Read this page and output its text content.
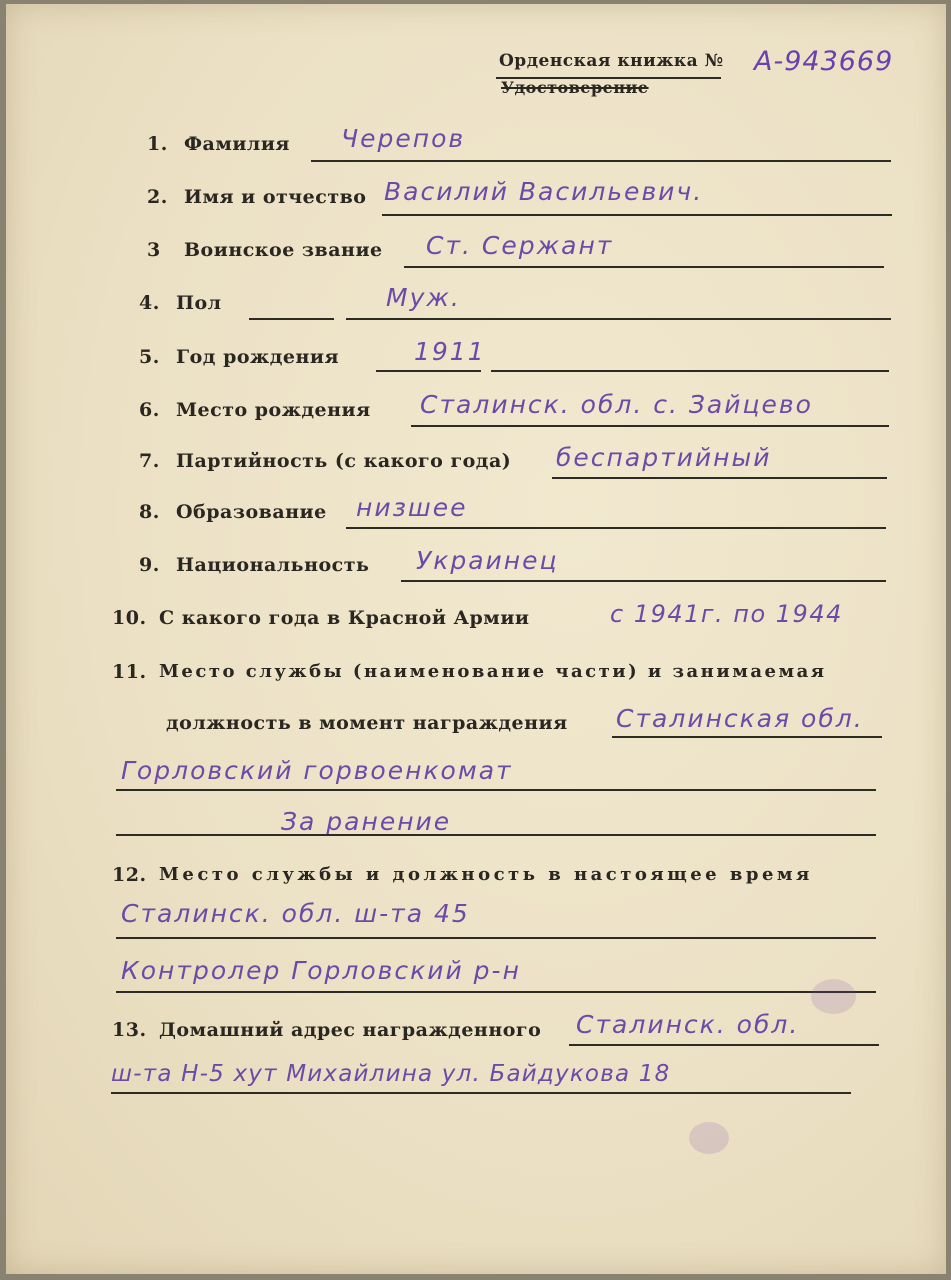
Орденская книжка № А-943669
Удостоверение
1. Фамилия Черепов
2. Имя и отчество Василий Васильевич.
3 Воинское звание Ст. Сержант
4. Пол	Муж.
5. Год рождения	1911
6. Место рождения Сталинск. обл. с. Зайцево
7. Партийность (с какого года) беспартийный
8. Образование низшее
9. Национальность Украинец
10. С какого года в Красной Армии	с 1941г. по 1944
11. Место службы (наименование части) и занимаемая
должность в момент награждения Сталинская обл.
Горловский горвоенкомат
За ранение
12. Место службы и должность в настоящее время
Сталинск. обл. ш-та 45
Контролер Горловский р-н
13. Домашний адрес награжденного Сталинск. обл.
ш-та Н-5 хут Михайлина ул. Байдукова 18
